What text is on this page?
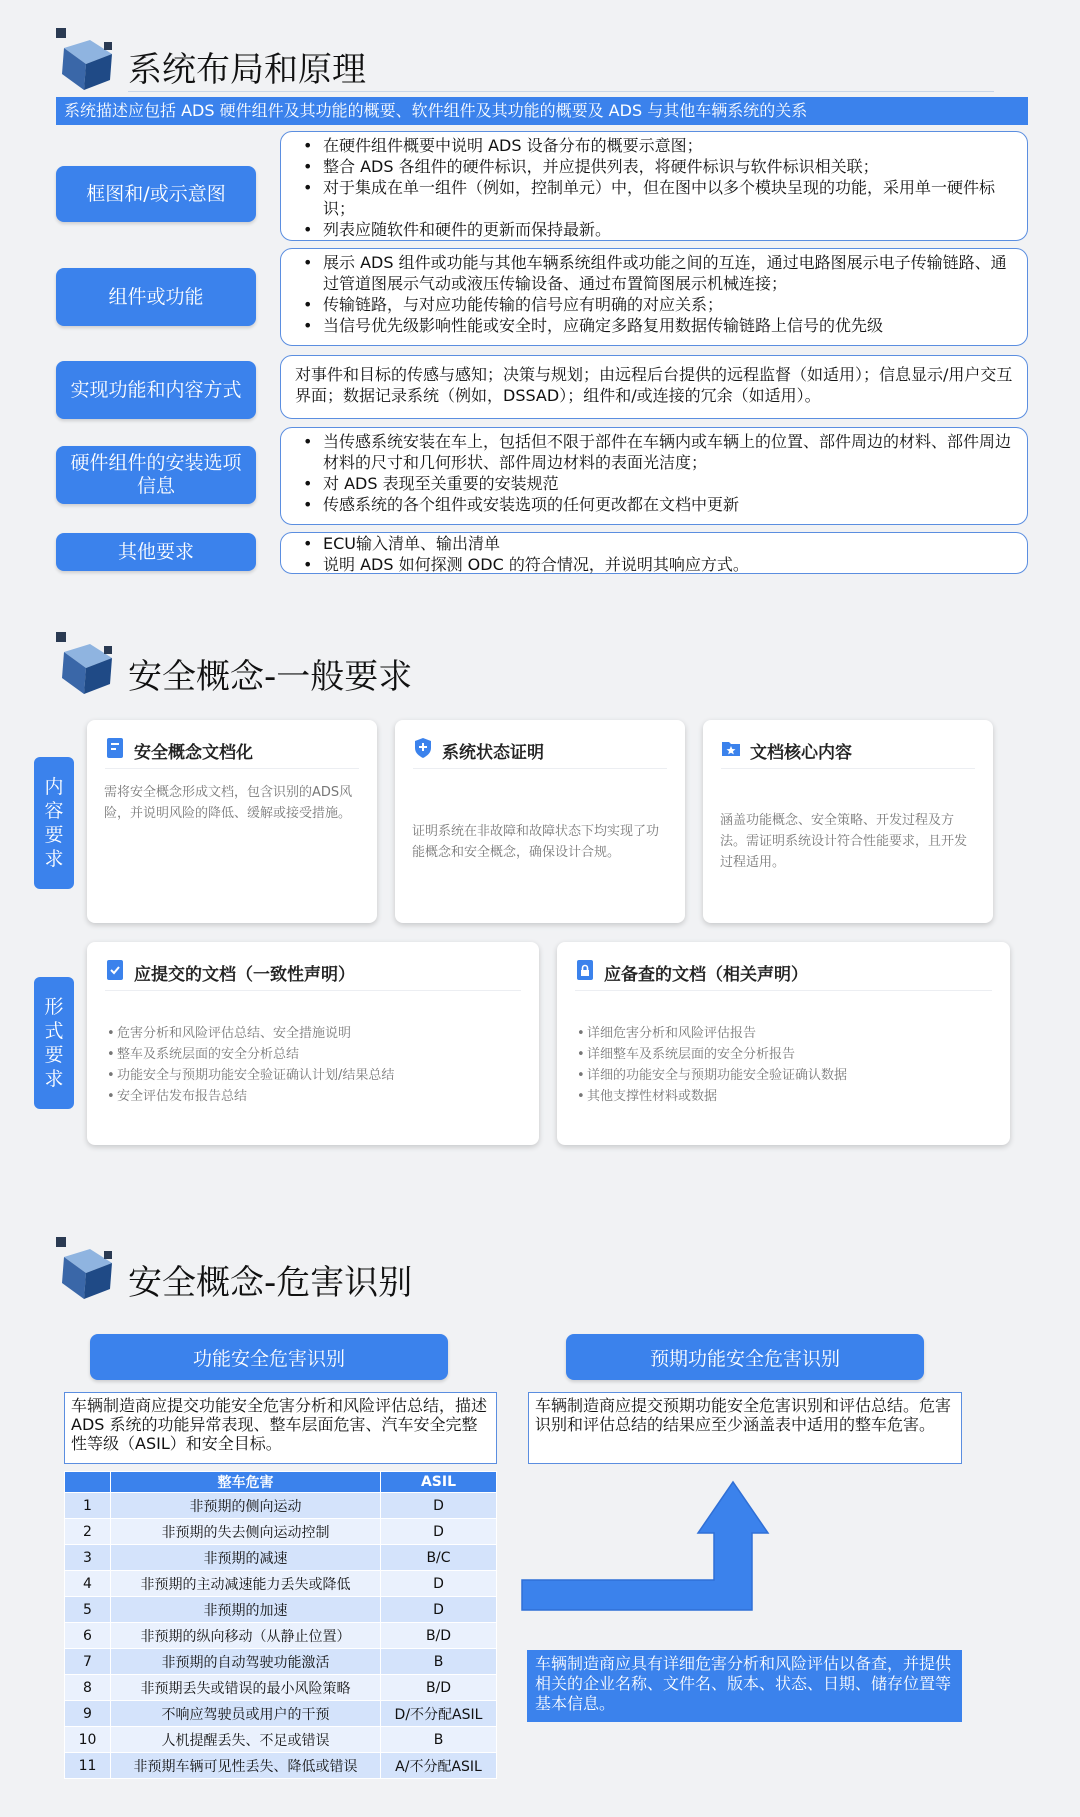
系统布局和原理
系统描述应包括 ADS 硬件组件及其功能的概要、软件组件及其功能的概要及 ADS 与其他车辆系统的关系
框图和/或示意图
• 在硬件组件概要中说明 ADS 设备分布的概要示意图；
• 整合 ADS 各组件的硬件标识，并应提供列表，将硬件标识与软件标识相关联；
• 对于集成在单一组件（例如，控制单元）中，但在图中以多个模块呈现的功能，采用单一硬件标识；
• 列表应随软件和硬件的更新而保持最新。
组件或功能
• 展示 ADS 组件或功能与其他车辆系统组件或功能之间的互连，通过电路图展示电子传输链路、通过管道图展示气动或液压传输设备、通过布置简图展示机械连接；
• 传输链路，与对应功能传输的信号应有明确的对应关系；
• 当信号优先级影响性能或安全时，应确定多路复用数据传输链路上信号的优先级
实现功能和内容方式
对事件和目标的传感与感知；决策与规划；由远程后台提供的远程监督（如适用）；信息显示/用户交互界面；数据记录系统（例如，DSSAD）；组件和/或连接的冗余（如适用）。
硬件组件的安装选项信息
• 当传感系统安装在车上，包括但不限于部件在车辆内或车辆上的位置、部件周边的材料、部件周边材料的尺寸和几何形状、部件周边材料的表面光洁度；
• 对 ADS 表现至关重要的安装规范
• 传感系统的各个组件或安装选项的任何更改都在文档中更新
其他要求	• ECU输入清单、输出清单
• 说明 ADS 如何探测 ODC 的符合情况，并说明其响应方式。
安全概念-一般要求
内容要求
安全概念文档化
需将安全概念形成文档，包含识别的ADS风险，并说明风险的降低、缓解或接受措施。
系统状态证明
证明系统在非故障和故障状态下均实现了功能概念和安全概念，确保设计合规。
文档核心内容
涵盖功能概念、安全策略、开发过程及方法。需证明系统设计符合性能要求，且开发过程适用。
形式要求
应提交的文档（一致性声明）
• 危害分析和风险评估总结、安全措施说明
• 整车及系统层面的安全分析总结
• 功能安全与预期功能安全验证确认计划/结果总结
• 安全评估发布报告总结
应备查的文档（相关声明）
• 详细危害分析和风险评估报告
• 详细整车及系统层面的安全分析报告
• 详细的功能安全与预期功能安全验证确认数据
• 其他支撑性材料或数据
安全概念-危害识别
功能安全危害识别	预期功能安全危害识别
车辆制造商应提交功能安全危害分析和风险评估总结，描述 ADS 系统的功能异常表现、整车层面危害、汽车安全完整性等级（ASIL）和安全目标。
车辆制造商应提交预期功能安全危害识别和评估总结。危害识别和评估总结的结果应至少涵盖表中适用的整车危害。
	整车危害	ASIL
1	非预期的侧向运动	D
2	非预期的失去侧向运动控制	D
3	非预期的减速	B/C
4	非预期的主动减速能力丢失或降低	D
5	非预期的加速	D
6	非预期的纵向移动（从静止位置）	B/D
7	非预期的自动驾驶功能激活	B
8	非预期丢失或错误的最小风险策略	B/D
9	不响应驾驶员或用户的干预	D/不分配ASIL
10	人机提醒丢失、不足或错误	B
11	非预期车辆可见性丢失、降低或错误	A/不分配ASIL
车辆制造商应具有详细危害分析和风险评估以备查，并提供相关的企业名称、文件名、版本、状态、日期、储存位置等基本信息。
